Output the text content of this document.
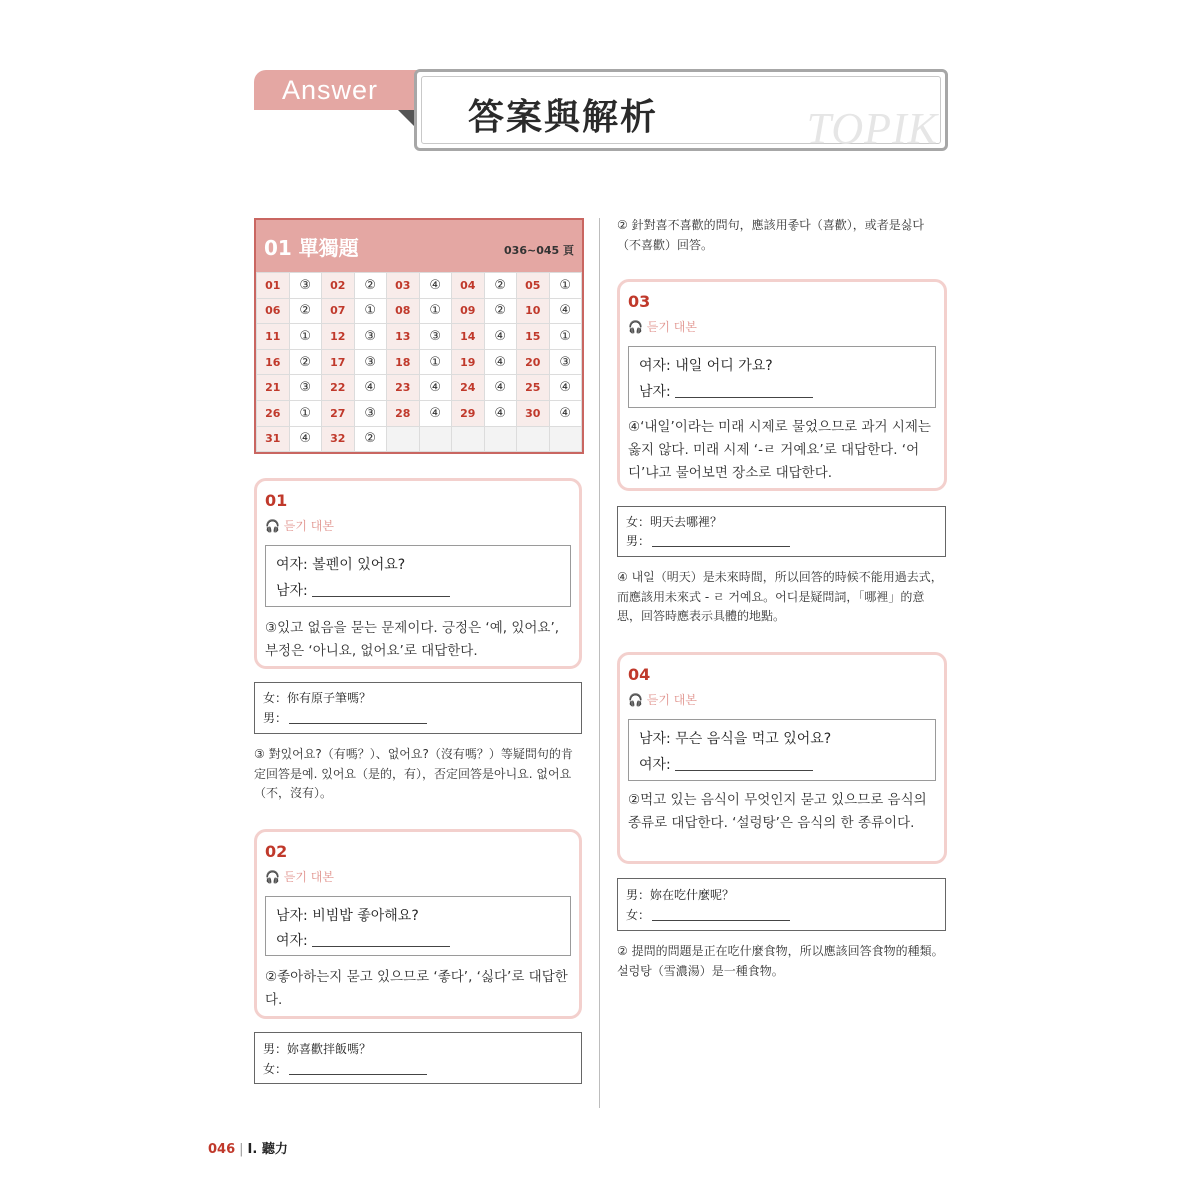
Answer
答案與解析	TOPIK
01 單獨題	036∼045 頁
01	③	02	②	03	④	04	②	05	①
06	②	07	①	08	①	09	②	10	④
11	①	12	③	13	③	14	④	15	①
16	②	17	③	18	①	19	④	20	③
21	③	22	④	23	④	24	④	25	④
26	①	27	③	28	④	29	④	30	④
31	④	32	②						
01
🎧 듣기 대본
여자: 볼펜이 있어요?
남자:
③있고 없음을 묻는 문제이다. 긍정은 ‘예, 있어요’, 부정은 ‘아니요, 없어요’로 대답한다.
女：你有原子筆嗎？
男：
③ 對있어요?（有嗎？）、없어요?（沒有嗎？）等疑問句的肯定回答是예. 있어요（是的，有），否定回答是아니요. 없어요（不，沒有）。
02
🎧 듣기 대본
남자: 비빔밥 좋아해요?
여자:
②좋아하는지 묻고 있으므로 ‘좋다’, ‘싫다’로 대답한다.
男：妳喜歡拌飯嗎？
女：
② 針對喜不喜歡的問句，應該用좋다（喜歡），或者是싫다（不喜歡）回答。
03
🎧 듣기 대본
여자: 내일 어디 가요?
남자:
④‘내일’이라는 미래 시제로 물었으므로 과거 시제는 옳지 않다. 미래 시제 ‘-ㄹ 거예요’로 대답한다. ‘어디’냐고 물어보면 장소로 대답한다.
女：明天去哪裡？
男：
④ 내일（明天）是未來時間，所以回答的時候不能用過去式，而應該用未來式 - ㄹ 거예요。어디是疑問詞，「哪裡」的意思，回答時應表示具體的地點。
04
🎧 듣기 대본
남자: 무슨 음식을 먹고 있어요?
여자:
②먹고 있는 음식이 무엇인지 묻고 있으므로 음식의 종류로 대답한다. ‘설렁탕’은 음식의 한 종류이다.
男：妳在吃什麼呢？
女：
② 提問的問題是正在吃什麼食物，所以應該回答食物的種類。설렁탕（雪濃湯）是一種食物。
046 | I. 聽力
